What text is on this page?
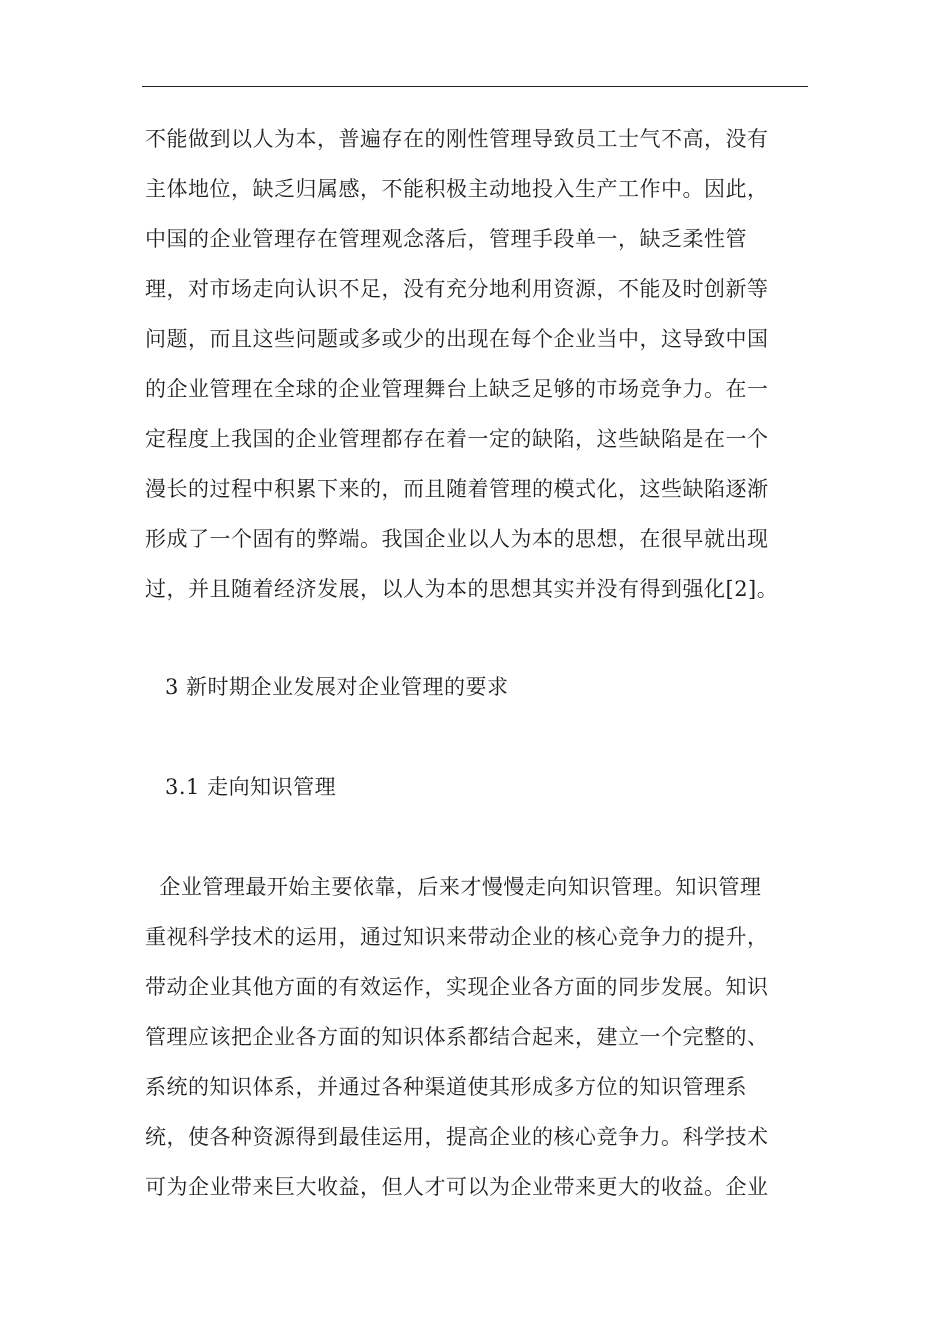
不能做到以人为本，普遍存在的刚性管理导致员工士气不高，没有
主体地位，缺乏归属感，不能积极主动地投入生产工作中。因此，
中国的企业管理存在管理观念落后，管理手段单一，缺乏柔性管
理，对市场走向认识不足，没有充分地利用资源，不能及时创新等
问题，而且这些问题或多或少的出现在每个企业当中，这导致中国
的企业管理在全球的企业管理舞台上缺乏足够的市场竞争力。在一
定程度上我国的企业管理都存在着一定的缺陷，这些缺陷是在一个
漫长的过程中积累下来的，而且随着管理的模式化，这些缺陷逐渐
形成了一个固有的弊端。我国企业以人为本的思想，在很早就出现
过，并且随着经济发展，以人为本的思想其实并没有得到强化[2]。
3 新时期企业发展对企业管理的要求
3.1 走向知识管理
企业管理最开始主要依靠，后来才慢慢走向知识管理。知识管理
重视科学技术的运用，通过知识来带动企业的核心竞争力的提升，
带动企业其他方面的有效运作，实现企业各方面的同步发展。知识
管理应该把企业各方面的知识体系都结合起来，建立一个完整的、
系统的知识体系，并通过各种渠道使其形成多方位的知识管理系
统，使各种资源得到最佳运用，提高企业的核心竞争力。科学技术
可为企业带来巨大收益，但人才可以为企业带来更大的收益。企业
